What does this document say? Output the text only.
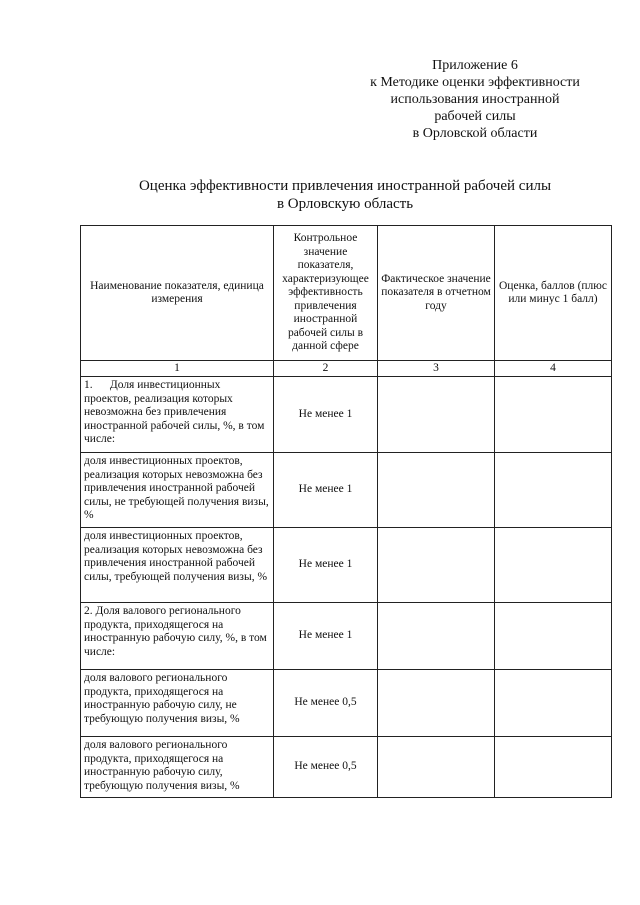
Приложение 6
к Методике оценки эффективности
использования иностранной
рабочей силы
в Орловской области
Оценка эффективности привлечения иностранной рабочей силы
в Орловскую область
Наименование показателя, единица измерения	Контрольное значение показателя, характеризующее эффективность привлечения иностранной рабочей силы в данной сфере	Фактическое значение показателя в отчетном году	Оценка, баллов (плюс или минус 1 балл)
1	2	3	4
1.      Доля инвестиционных проектов, реализация которых невозможна без привлечения иностранной рабочей силы, %, в том числе:	Не менее 1		
доля инвестиционных проектов, реализация которых невозможна без привлечения иностранной рабочей силы, не требующей получения визы, %	Не менее 1		
доля инвестиционных проектов, реализация которых невозможна без привлечения иностранной рабочей силы, требующей получения визы, %	Не менее 1		
2. Доля валового регионального продукта, приходящегося на иностранную рабочую силу, %, в том числе:	Не менее 1		
доля валового регионального продукта, приходящегося на иностранную рабочую силу, не требующую получения визы, %	Не менее 0,5		
доля валового регионального продукта, приходящегося на иностранную рабочую силу, требующую получения визы, %	Не менее 0,5		
